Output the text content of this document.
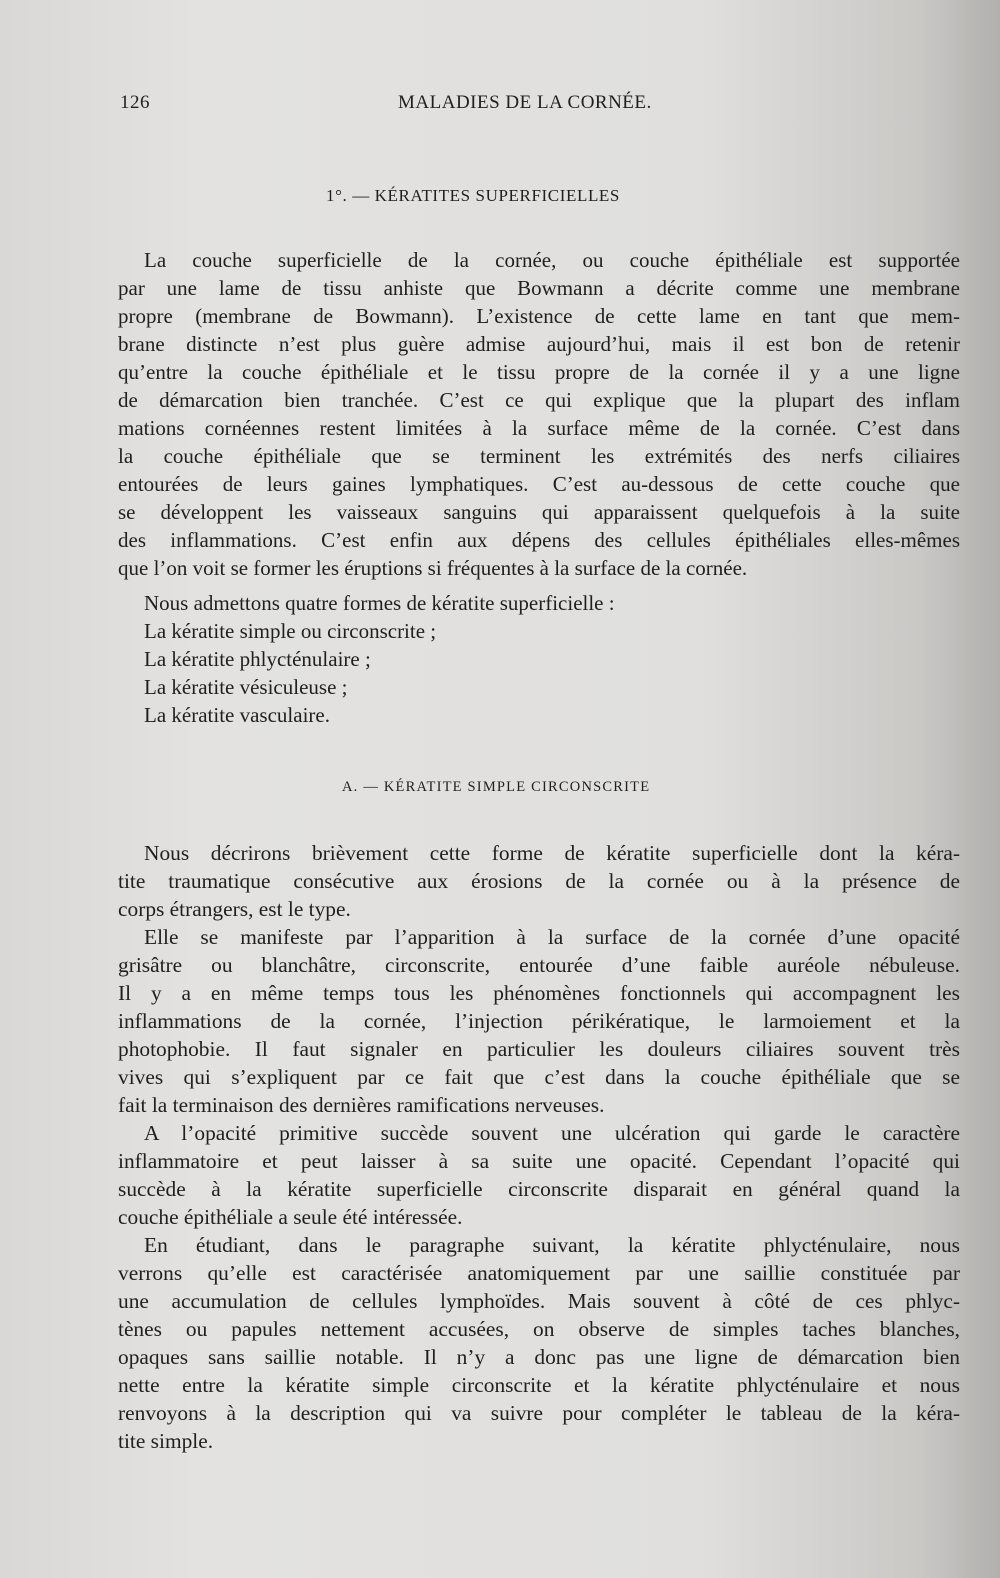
126	MALADIES DE LA CORNÉE.
1°. — KÉRATITES SUPERFICIELLES
La couche superficielle de la cornée, ou couche épithéliale est supportée
par une lame de tissu anhiste que Bowmann a décrite comme une membrane
propre (membrane de Bowmann). L’existence de cette lame en tant que mem-
brane distincte n’est plus guère admise aujourd’hui, mais il est bon de retenir
qu’entre la couche épithéliale et le tissu propre de la cornée il y a une ligne
de démarcation bien tranchée. C’est ce qui explique que la plupart des inflam
mations cornéennes restent limitées à la surface même de la cornée. C’est dans
la couche épithéliale que se terminent les extrémités des nerfs ciliaires
entourées de leurs gaines lymphatiques. C’est au-dessous de cette couche que
se développent les vaisseaux sanguins qui apparaissent quelquefois à la suite
des inflammations. C’est enfin aux dépens des cellules épithéliales elles-mêmes
que l’on voit se former les éruptions si fréquentes à la surface de la cornée.
Nous admettons quatre formes de kératite superficielle :
La kératite simple ou circonscrite ;
La kératite phlycténulaire ;
La kératite vésiculeuse ;
La kératite vasculaire.
A. — KÉRATITE SIMPLE CIRCONSCRITE
Nous décrirons brièvement cette forme de kératite superficielle dont la kéra-
tite traumatique consécutive aux érosions de la cornée ou à la présence de
corps étrangers, est le type.
Elle se manifeste par l’apparition à la surface de la cornée d’une opacité
grisâtre ou blanchâtre, circonscrite, entourée d’une faible auréole nébuleuse.
Il y a en même temps tous les phénomènes fonctionnels qui accompagnent les
inflammations de la cornée, l’injection périkératique, le larmoiement et la
photophobie. Il faut signaler en particulier les douleurs ciliaires souvent très
vives qui s’expliquent par ce fait que c’est dans la couche épithéliale que se
fait la terminaison des dernières ramifications nerveuses.
A l’opacité primitive succède souvent une ulcération qui garde le caractère
inflammatoire et peut laisser à sa suite une opacité. Cependant l’opacité qui
succède à la kératite superficielle circonscrite disparait en général quand la
couche épithéliale a seule été intéressée.
En étudiant, dans le paragraphe suivant, la kératite phlycténulaire, nous
verrons qu’elle est caractérisée anatomiquement par une saillie constituée par
une accumulation de cellules lymphoïdes. Mais souvent à côté de ces phlyc-
tènes ou papules nettement accusées, on observe de simples taches blanches,
opaques sans saillie notable. Il n’y a donc pas une ligne de démarcation bien
nette entre la kératite simple circonscrite et la kératite phlycténulaire et nous
renvoyons à la description qui va suivre pour compléter le tableau de la kéra-
tite simple.
